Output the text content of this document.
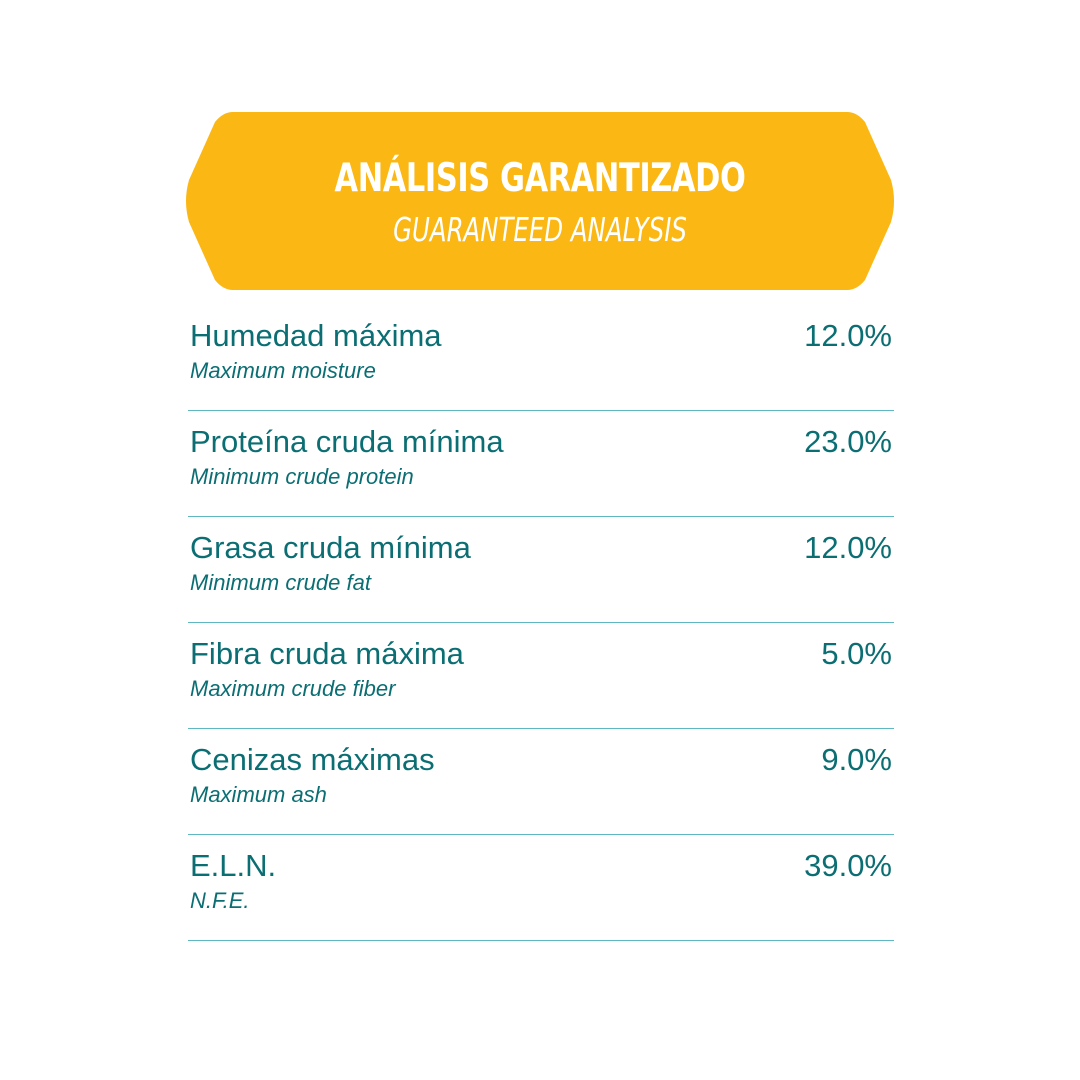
ANÁLISIS GARANTIZADO
GUARANTEED ANALYSIS
Humedad máxima
Maximum moisture
12.0%
Proteína cruda mínima
Minimum crude protein
23.0%
Grasa cruda mínima
Minimum crude fat
12.0%
Fibra cruda máxima
Maximum crude fiber
5.0%
Cenizas máximas
Maximum ash
9.0%
E.L.N.
N.F.E.
39.0%
